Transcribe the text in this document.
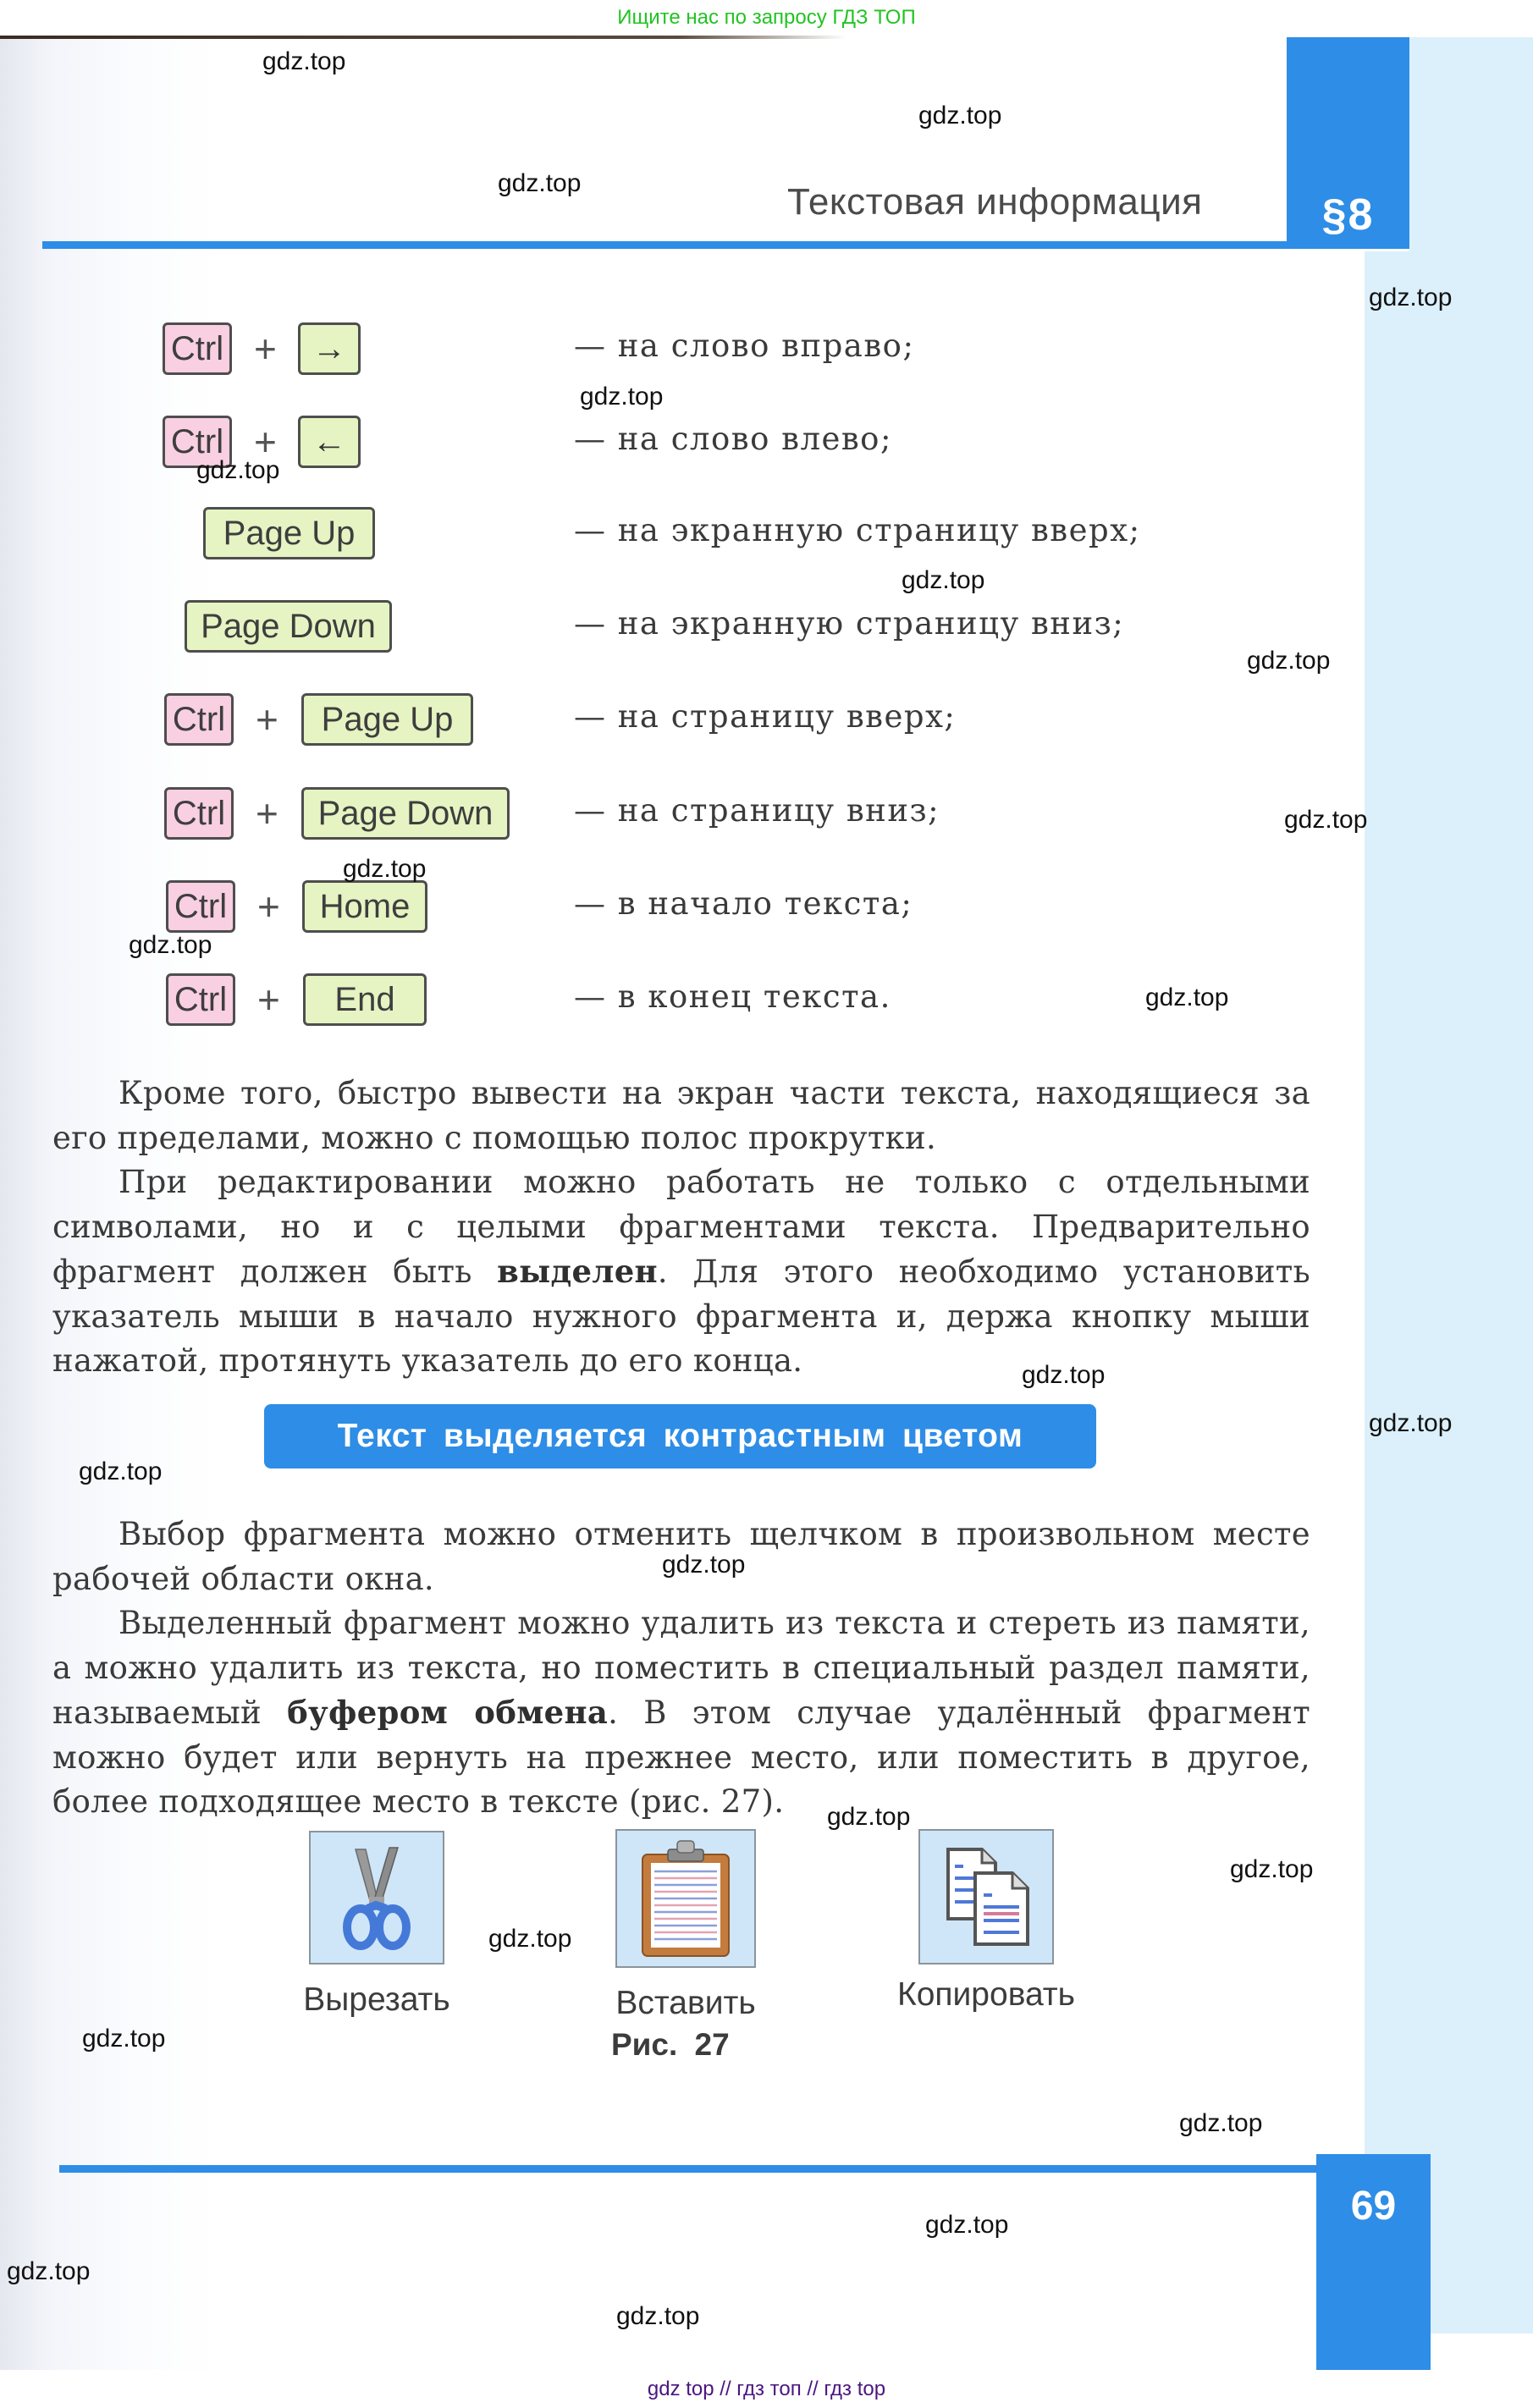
Ищите нас по запросу ГДЗ ТОП
§8
Текстовая информация
Ctrl + →	— на слово вправо;
Ctrl + ←	— на слово влево;
Page Up	— на экранную страницу вверх;
Page Down	— на экранную страницу вниз;
Ctrl +	Page Up	— на страницу вверх;
Ctrl +	Page Down	— на страницу вниз;
Ctrl +	Home	— в начало текста;
Ctrl +	End	— в конец текста.
Кроме того, быстро вывести на экран части текста, находящиеся за его пределами, можно с помощью полос прокрутки.
При редактировании можно работать не только с отдельными символами, но и с целыми фрагментами текста. Предварительно фрагмент должен быть выделен. Для этого необходимо установить указатель мыши в начало нужного фрагмента и, держа кнопку мыши нажатой, протянуть указатель до его конца.
Текст выделяется контрастным цветом
Выбор фрагмента можно отменить щелчком в произвольном месте рабочей области окна.
Выделенный фрагмент можно удалить из текста и стереть из памяти, а можно удалить из текста, но поместить в специальный раздел памяти, называемый буфером обмена. В этом случае удалённый фрагмент можно будет или вернуть на прежнее место, или поместить в другое, более подходящее место в тексте (рис. 27).
Вырезать	Вставить	Копировать
Рис. 27
69
gdz.top
gdz.top
gdz.top
gdz.top
gdz.top
gdz.top
gdz.top
gdz.top
gdz.top
gdz.top
gdz.top
gdz.top
gdz.top
gdz.top
gdz.top
gdz.top
gdz.top
gdz.top
gdz.top
gdz.top
gdz.top
gdz.top
gdz.top
gdz.top
gdz top // гдз топ // гдз top
